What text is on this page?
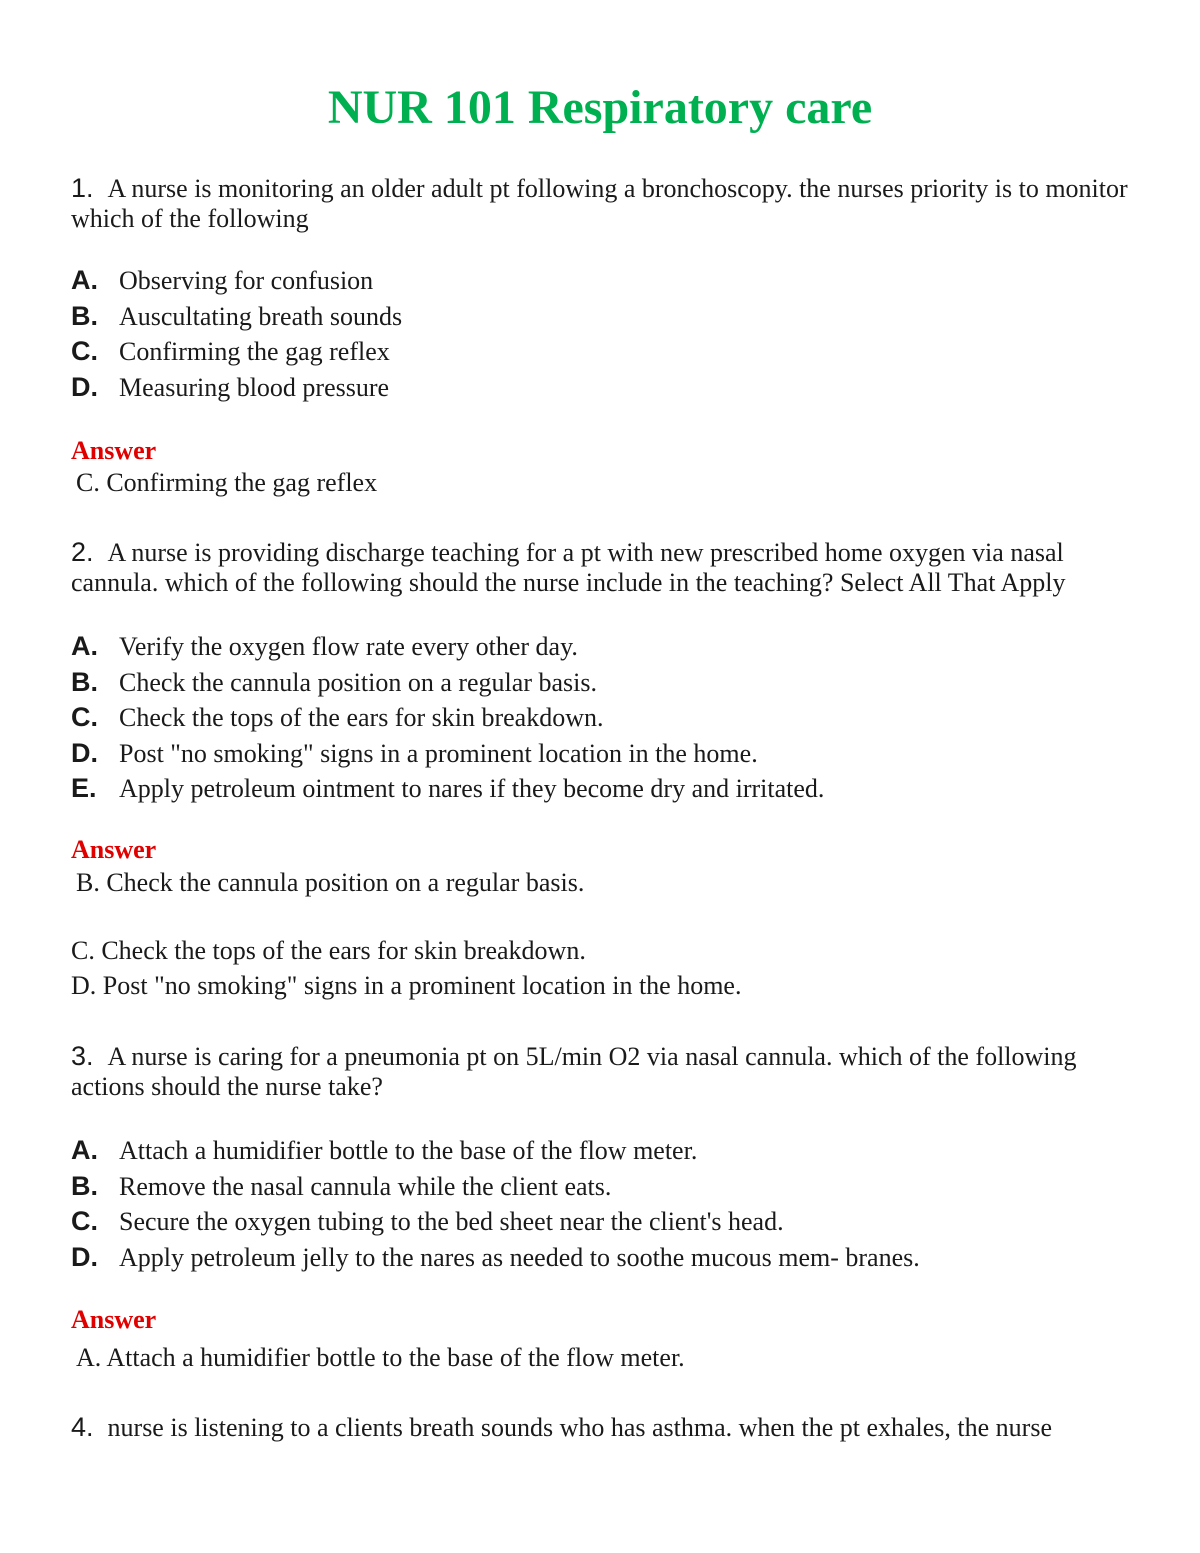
NUR 101 Respiratory care
1. A nurse is monitoring an older adult pt following a bronchoscopy. the nurses priority is to monitor which of the following
A. Observing for confusion
B. Auscultating breath sounds
C. Confirming the gag reflex
D. Measuring blood pressure
Answer
C. Confirming the gag reflex
2. A nurse is providing discharge teaching for a pt with new prescribed home oxygen via nasal cannula. which of the following should the nurse include in the teaching? Select All That Apply
A. Verify the oxygen flow rate every other day.
B. Check the cannula position on a regular basis.
C. Check the tops of the ears for skin breakdown.
D. Post "no smoking" signs in a prominent location in the home.
E. Apply petroleum ointment to nares if they become dry and irritated.
Answer
B. Check the cannula position on a regular basis.
C. Check the tops of the ears for skin breakdown.
D. Post "no smoking" signs in a prominent location in the home.
3. A nurse is caring for a pneumonia pt on 5L/min O2 via nasal cannula. which of the following actions should the nurse take?
A. Attach a humidifier bottle to the base of the flow meter.
B. Remove the nasal cannula while the client eats.
C. Secure the oxygen tubing to the bed sheet near the client's head.
D. Apply petroleum jelly to the nares as needed to soothe mucous mem- branes.
Answer
A. Attach a humidifier bottle to the base of the flow meter.
4. nurse is listening to a clients breath sounds who has asthma. when the pt exhales, the nurse
